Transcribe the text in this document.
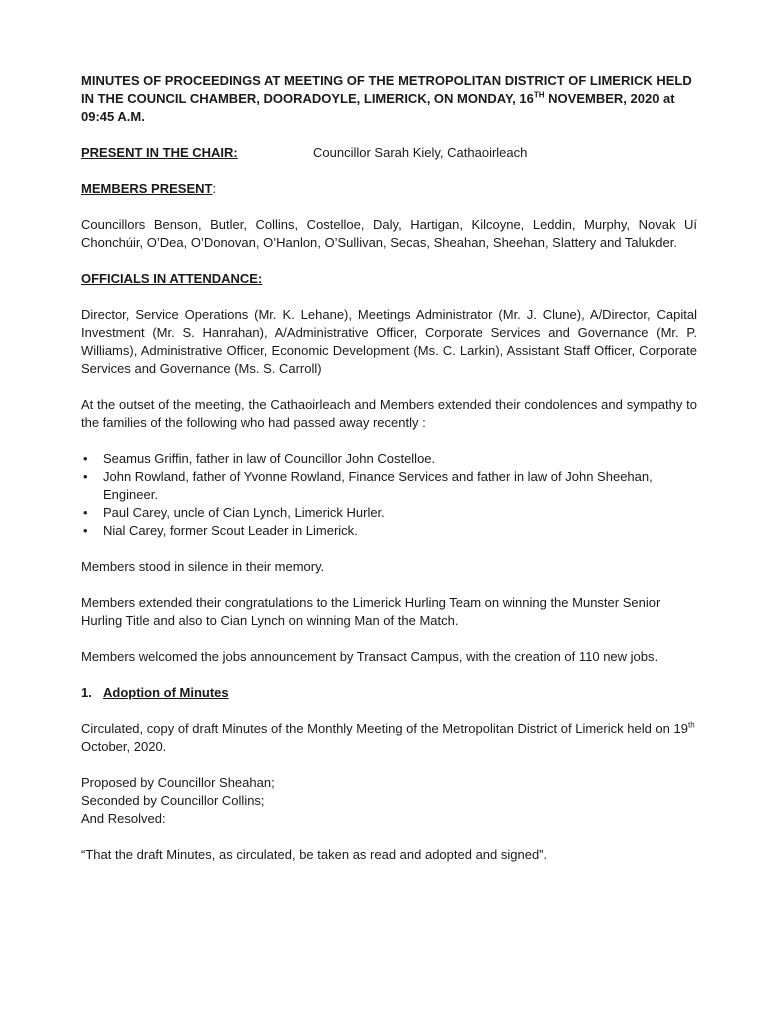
MINUTES OF PROCEEDINGS AT MEETING OF THE METROPOLITAN DISTRICT OF LIMERICK HELD IN THE COUNCIL CHAMBER, DOORADOYLE, LIMERICK, ON MONDAY, 16TH NOVEMBER, 2020 at 09:45 A.M.
PRESENT IN THE CHAIR:	Councillor Sarah Kiely, Cathaoirleach
MEMBERS PRESENT:

Councillors Benson, Butler, Collins, Costelloe, Daly, Hartigan, Kilcoyne, Leddin, Murphy, Novak Uí Chonchúir, O’Dea, O’Donovan, O’Hanlon, O’Sullivan, Secas, Sheahan, Sheehan, Slattery and Talukder.

OFFICIALS IN ATTENDANCE:

Director, Service Operations (Mr. K. Lehane), Meetings Administrator (Mr. J. Clune), A/Director, Capital Investment (Mr. S. Hanrahan), A/Administrative Officer, Corporate Services and Governance (Mr. P. Williams), Administrative Officer, Economic Development (Ms. C. Larkin), Assistant Staff Officer, Corporate Services and Governance (Ms. S. Carroll)

At the outset of the meeting, the Cathaoirleach and Members extended their condolences and sympathy to the families of the following who had passed away recently :

• Seamus Griffin, father in law of Councillor John Costelloe.
• John Rowland, father of Yvonne Rowland, Finance Services and father in law of John Sheehan, Engineer.
• Paul Carey, uncle of Cian Lynch, Limerick Hurler.
• Nial Carey, former Scout Leader in Limerick.

Members stood in silence in their memory.

Members extended their congratulations to the Limerick Hurling Team on winning the Munster Senior Hurling Title and also to Cian Lynch on winning Man of the Match.

Members welcomed the jobs announcement by Transact Campus, with the creation of 110 new jobs.

1. Adoption of Minutes

Circulated, copy of draft Minutes of the Monthly Meeting of the Metropolitan District of Limerick held on 19th October, 2020.

Proposed by Councillor Sheahan;

Seconded by Councillor Collins;

And Resolved:

“That the draft Minutes, as circulated, be taken as read and adopted and signed”.
